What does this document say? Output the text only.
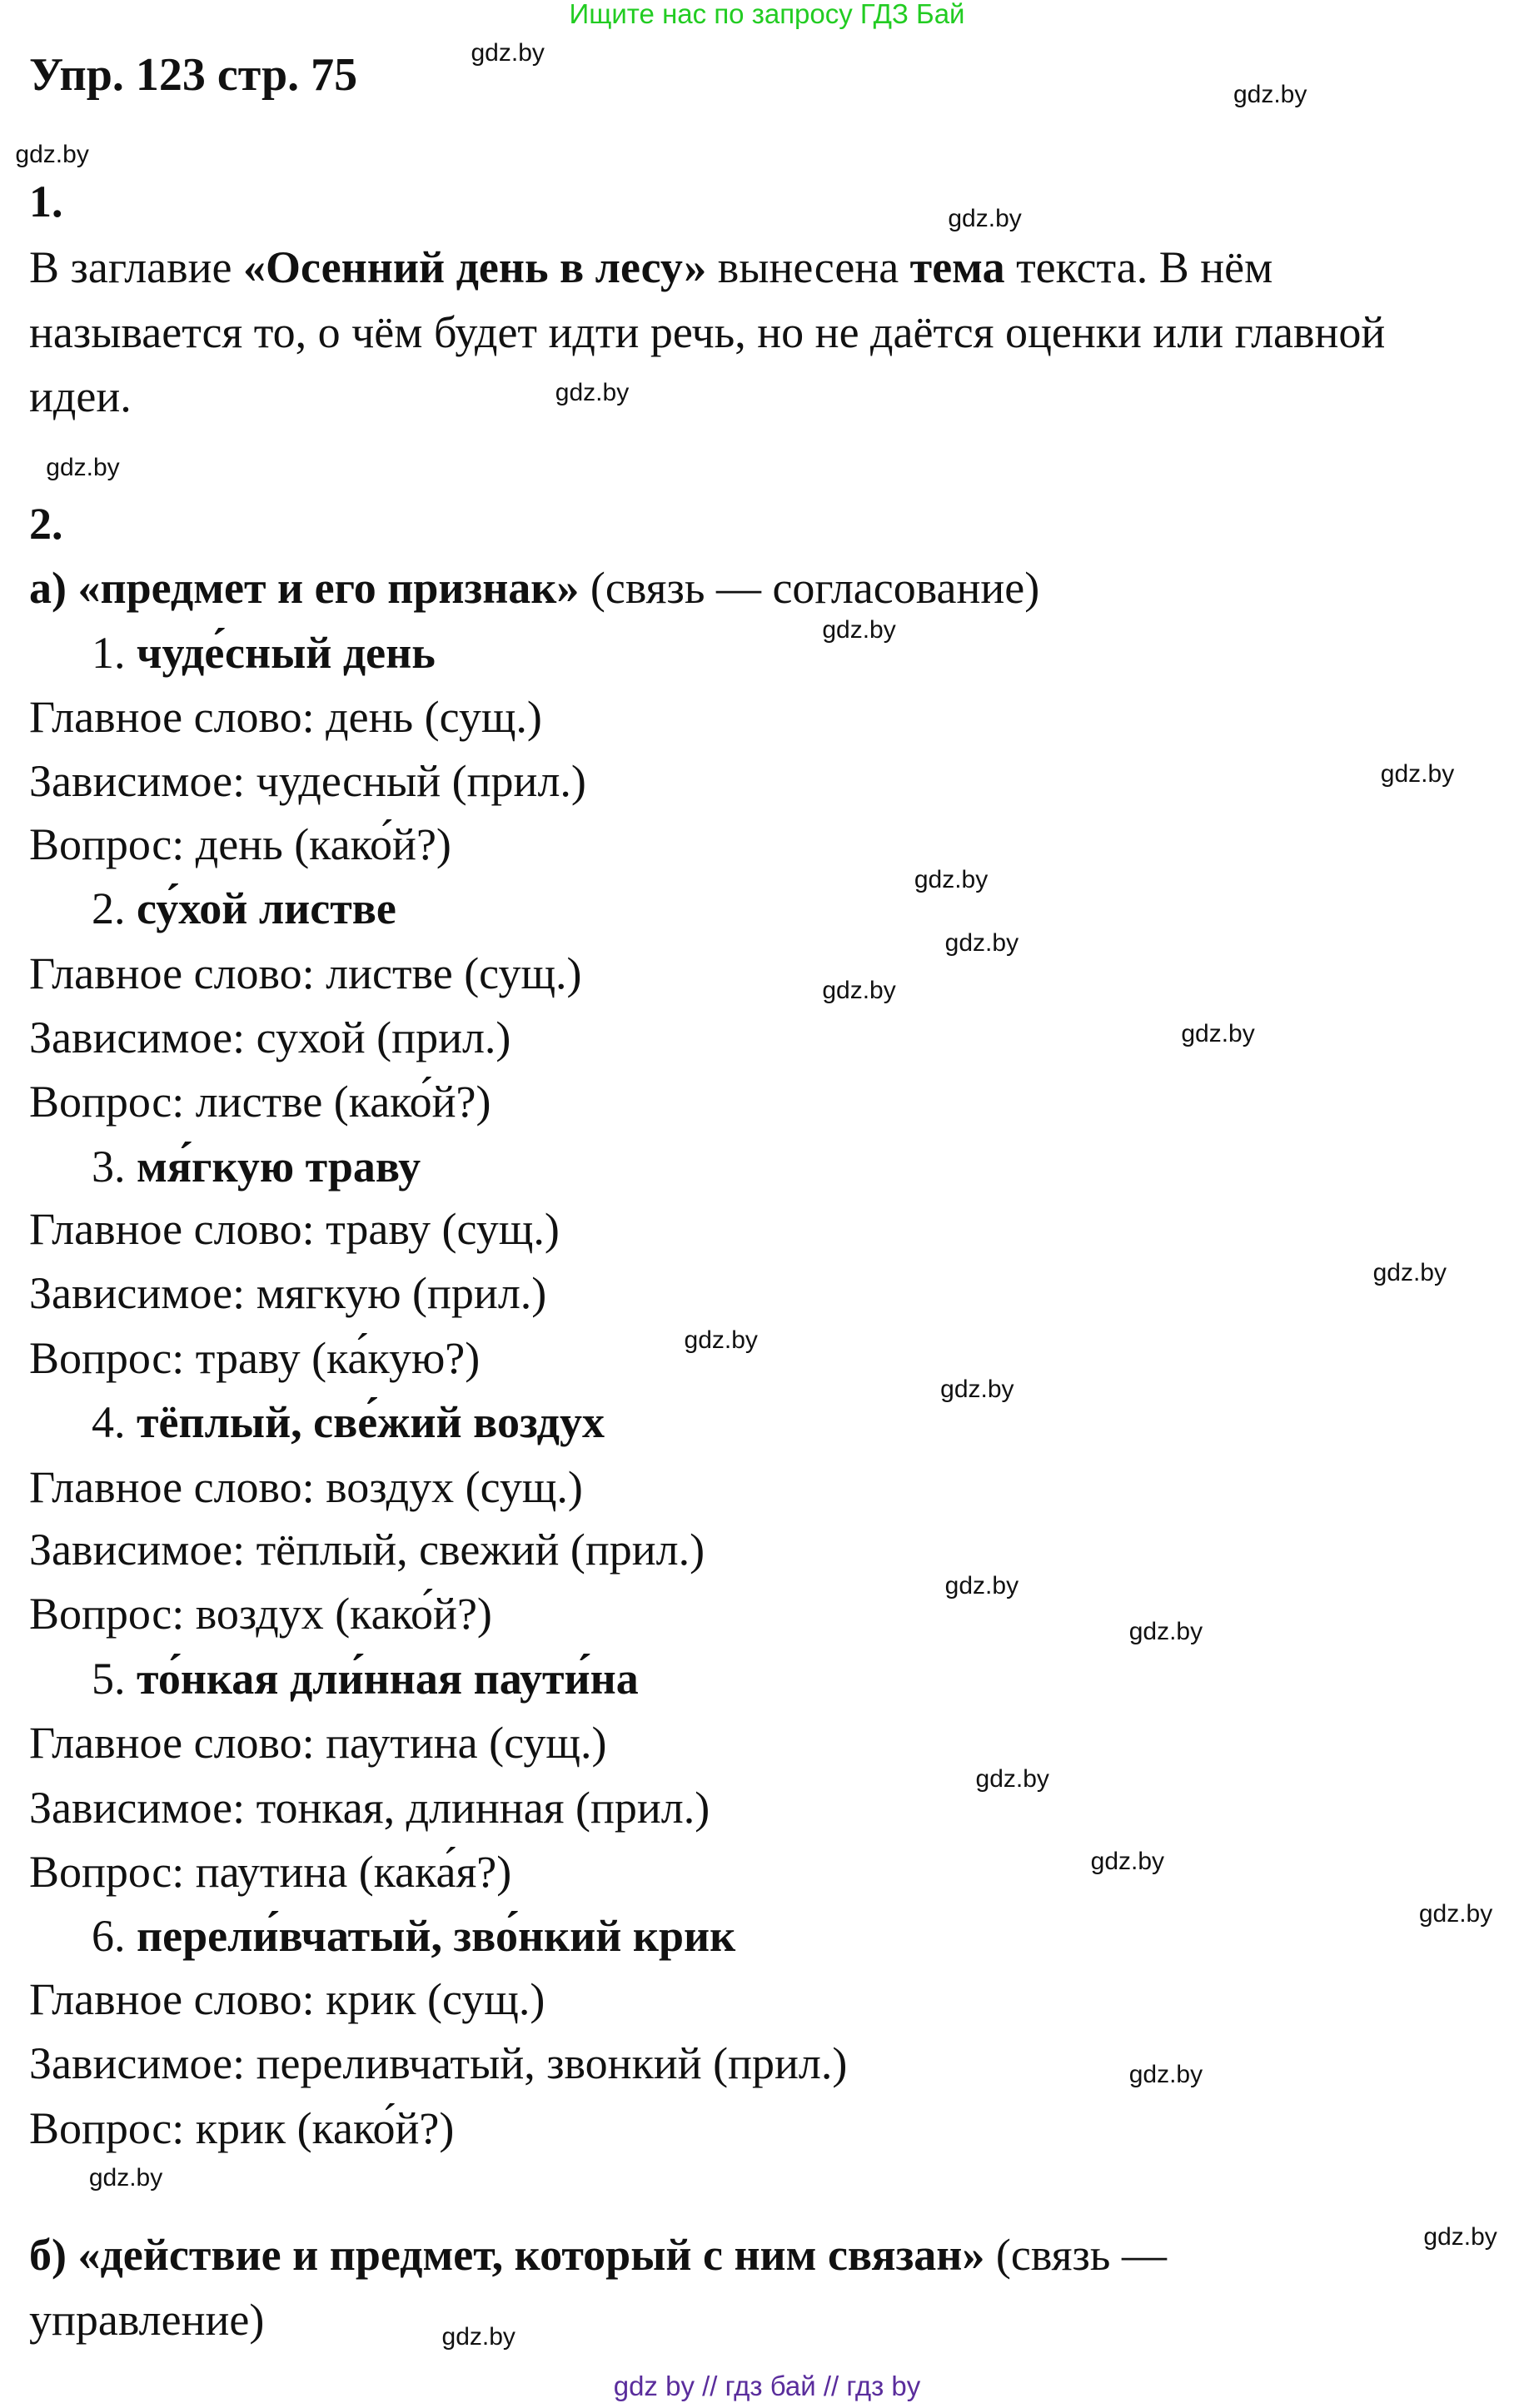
Ищите нас по запросу ГДЗ Бай
Упр. 123 стр. 75
1.
В заглавие «Осенний день в лесу» вынесена тема текста. В нём
называется то, о чём будет идти речь, но не даётся оценки или главной
идеи.
2.
а) «предмет и его признак» (связь — согласование)
1. чуде́сный день
Главное слово: день (сущ.)
Зависимое: чудесный (прил.)
Вопрос: день (како́й?)
2. су́хой листве
Главное слово: листве (сущ.)
Зависимое: сухой (прил.)
Вопрос: листве (како́й?)
3. мя́гкую траву
Главное слово: траву (сущ.)
Зависимое: мягкую (прил.)
Вопрос: траву (ка́кую?)
4. тёплый, све́жий воздух
Главное слово: воздух (сущ.)
Зависимое: тёплый, свежий (прил.)
Вопрос: воздух (како́й?)
5. то́нкая дли́нная паути́на
Главное слово: паутина (сущ.)
Зависимое: тонкая, длинная (прил.)
Вопрос: паутина (кака́я?)
6. перели́вчатый, зво́нкий крик
Главное слово: крик (сущ.)
Зависимое: переливчатый, звонкий (прил.)
Вопрос: крик (како́й?)
б) «действие и предмет, который с ним связан» (связь —
управление)
gdz.by
gdz.by
gdz.by
gdz.by
gdz.by
gdz.by
gdz.by
gdz.by
gdz.by
gdz.by
gdz.by
gdz.by
gdz.by
gdz.by
gdz.by
gdz.by
gdz.by
gdz.by
gdz.by
gdz.by
gdz.by
gdz.by
gdz.by
gdz.by
gdz by // гдз бай // гдз by
